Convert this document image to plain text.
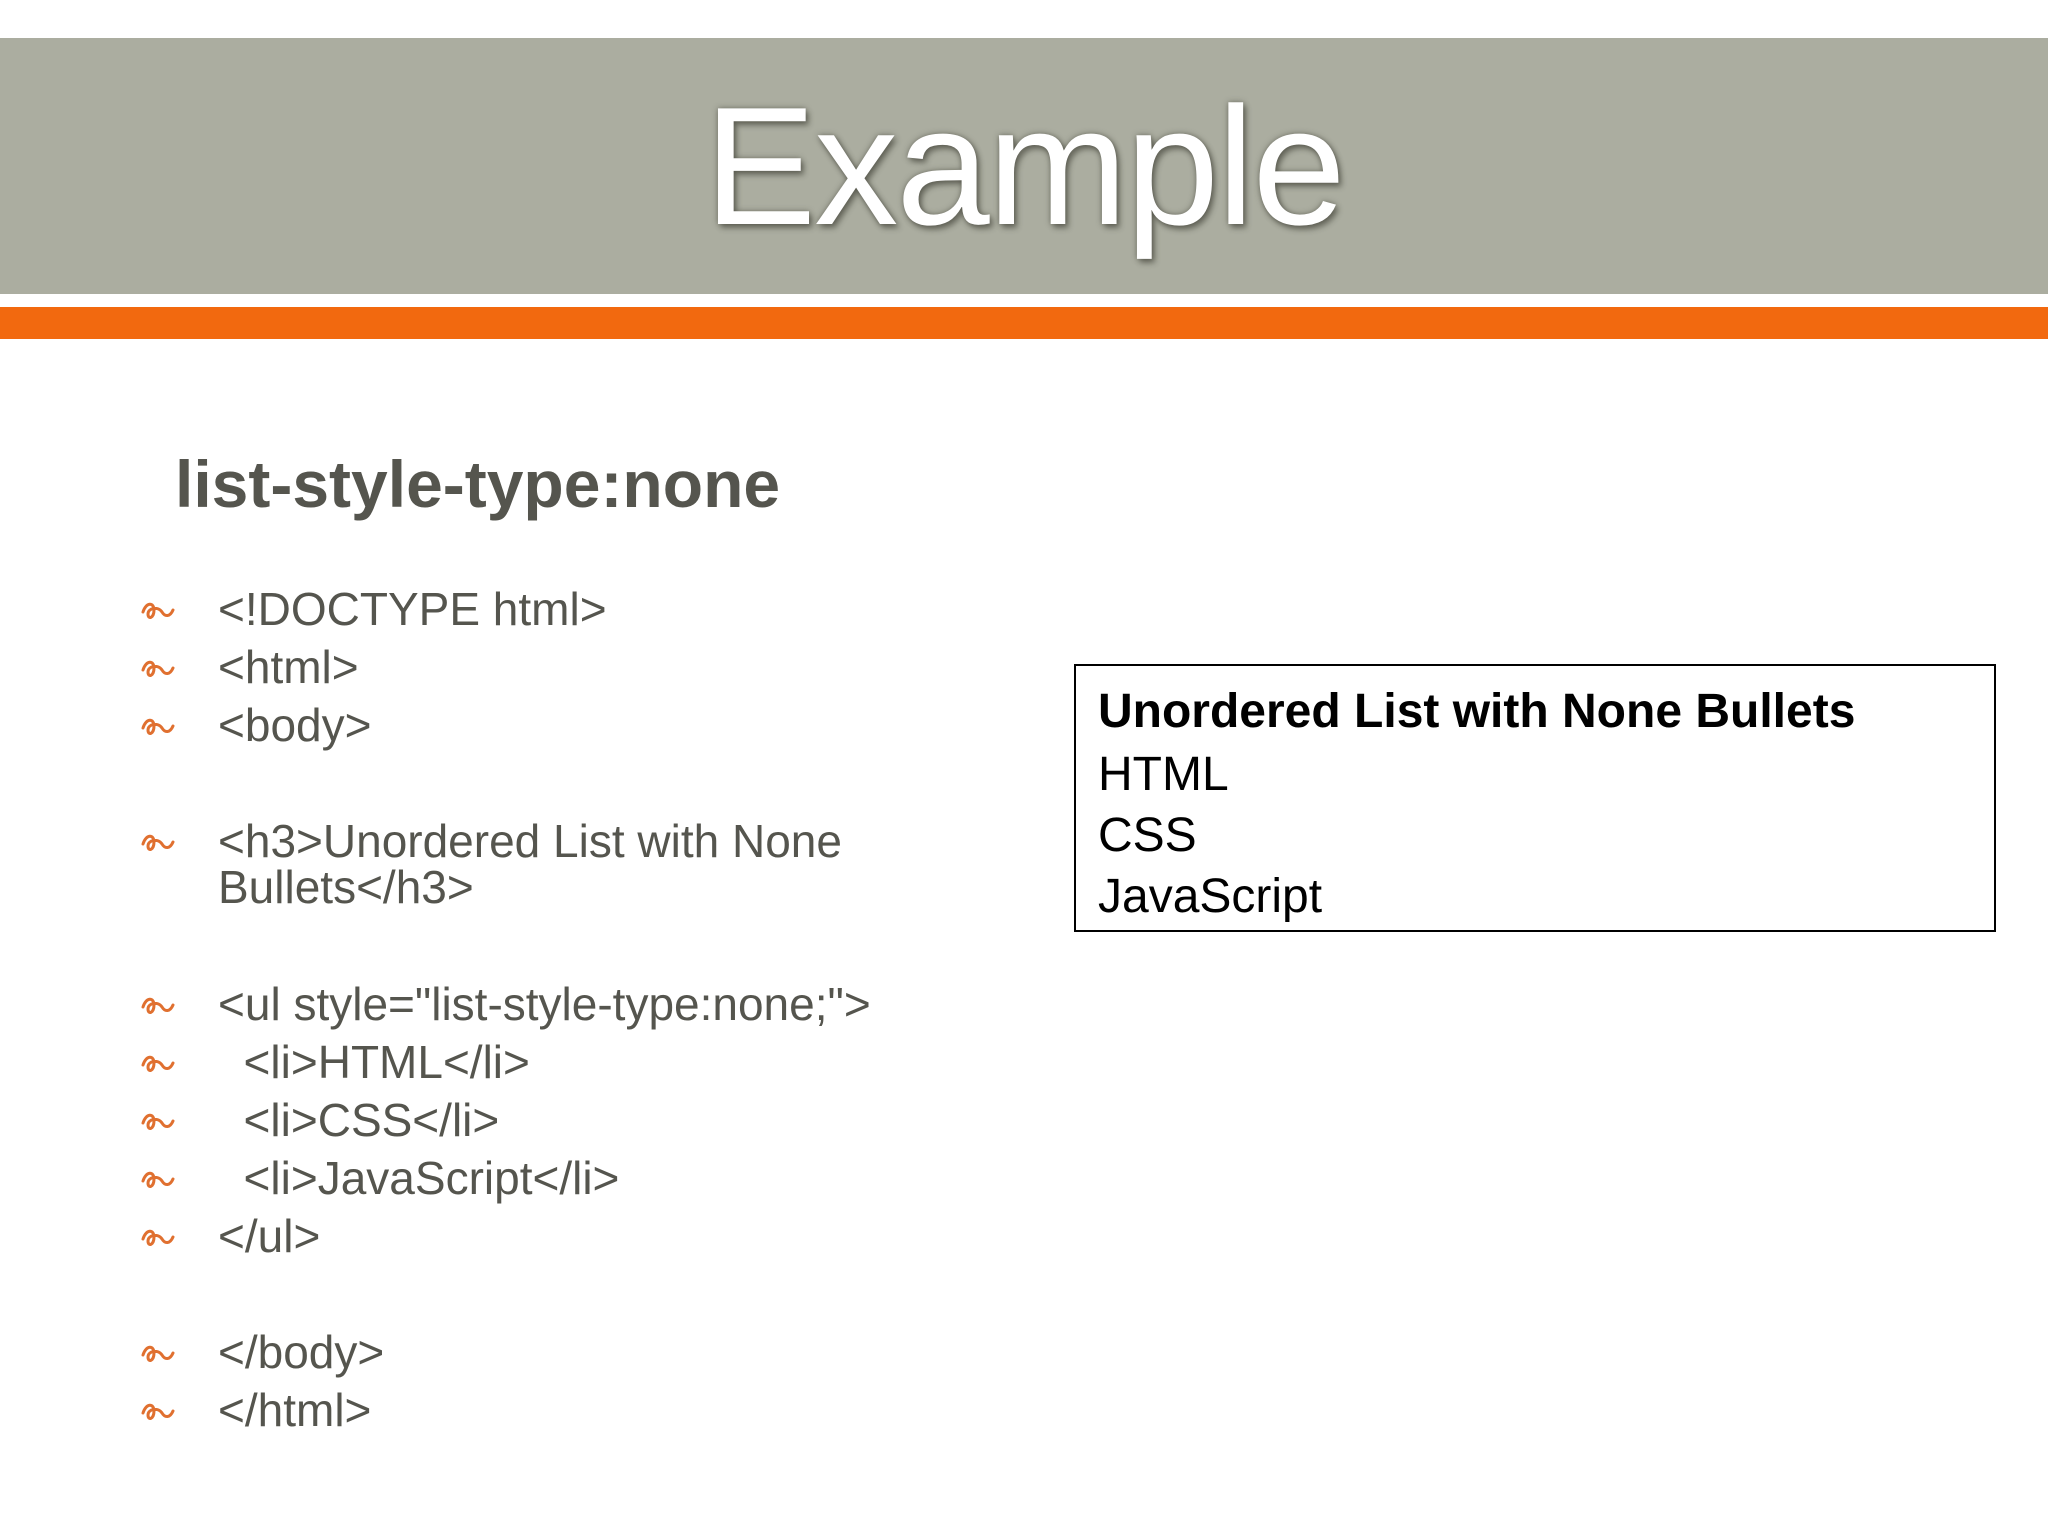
Example
list-style-type:none
<!DOCTYPE html>
<html>
<body>
<h3>Unordered List with None Bullets</h3>
<ul style="list-style-type:none;">
<li>HTML</li>
<li>CSS</li>
<li>JavaScript</li>
</ul>
</body>
</html>
Unordered List with None Bullets
HTML
CSS
JavaScript
